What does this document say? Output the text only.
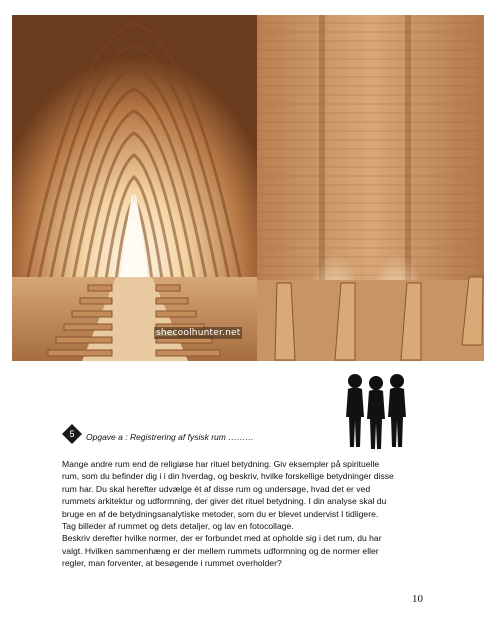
shecoolhunter.net
5	Opgave a : Registrering af fysisk rum ………

Mange andre rum end de religiøse har rituel betydning. Giv eksempler på spirituelle

rum, som du befinder dig i i din hverdag, og beskriv, hvilke forskellige betydninger disse

rum har. Du skal herefter udvælge ét af disse rum og undersøge, hvad det er ved

rummets arkitektur og udformning, der giver det rituel betydning. I din analyse skal du

bruge en af de betydningsanalytiske metoder, som du er blevet undervist I tidligere.

Tag billeder af rummet og dets detaljer, og lav en fotocollage.

Beskriv derefter hvilke normer, der er forbundet med at opholde sig i det rum, du har

valgt. Hvilken sammenhæng er der mellem rummets udformning og de normer eller

regler, man forventer, at besøgende i rummet overholder?

10
